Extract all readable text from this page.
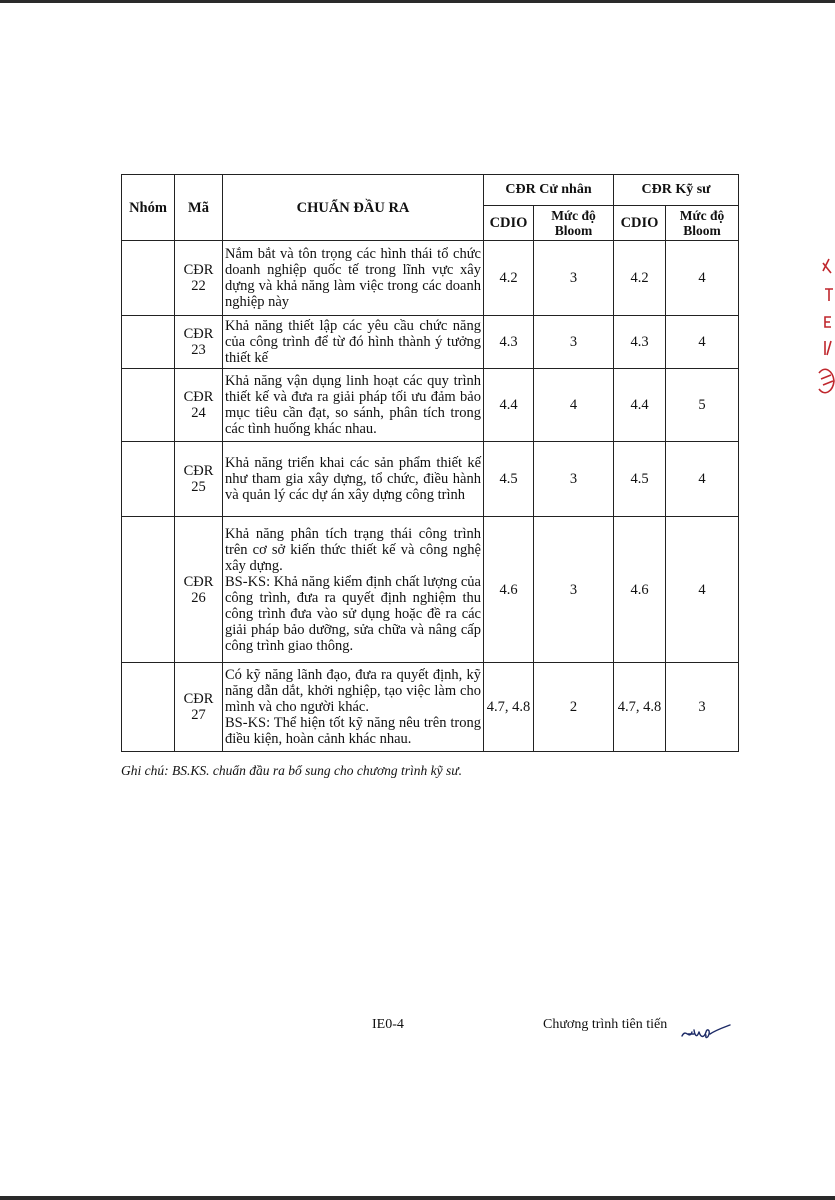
Nhóm	Mã	CHUẨN ĐẦU RA	CĐR Cử nhân		CĐR Kỹ sư	
			CDIO	Mức độ Bloom	CDIO	Mức độ Bloom
	CĐR 22	Nắm bắt và tôn trọng các hình thái tổ chức doanh nghiệp quốc tế trong lĩnh vực xây dựng và khả năng làm việc trong các doanh nghiệp này	4.2	3	4.2	4
	CĐR 23	Khả năng thiết lập các yêu cầu chức năng của công trình để từ đó hình thành ý tưởng thiết kế	4.3	3	4.3	4
	CĐR 24	Khả năng vận dụng linh hoạt các quy trình thiết kế và đưa ra giải pháp tối ưu đảm bảo mục tiêu cần đạt, so sánh, phân tích trong các tình huống khác nhau.	4.4	4	4.4	5
	CĐR 25	Khả năng triển khai các sản phẩm thiết kế như tham gia xây dựng, tổ chức, điều hành và quản lý các dự án xây dựng công trình	4.5	3	4.5	4
	CĐR 26	Khả năng phân tích trạng thái công trình trên cơ sở kiến thức thiết kế và công nghệ xây dựng.
BS-KS: Khả năng kiểm định chất lượng của công trình, đưa ra quyết định nghiệm thu công trình đưa vào sử dụng hoặc đề ra các giải pháp bảo dưỡng, sửa chữa và nâng cấp công trình giao thông.	4.6	3	4.6	4
	CĐR 27	Có kỹ năng lãnh đạo, đưa ra quyết định, kỹ năng dẫn dắt, khởi nghiệp, tạo việc làm cho mình và cho người khác.
BS-KS: Thể hiện tốt kỹ năng nêu trên trong điều kiện, hoàn cảnh khác nhau.	4.7, 4.8	2	4.7, 4.8	3

Ghi chú: BS.KS. chuẩn đầu ra bổ sung cho chương trình kỹ sư.

IE0-4	Chương trình tiên tiến
